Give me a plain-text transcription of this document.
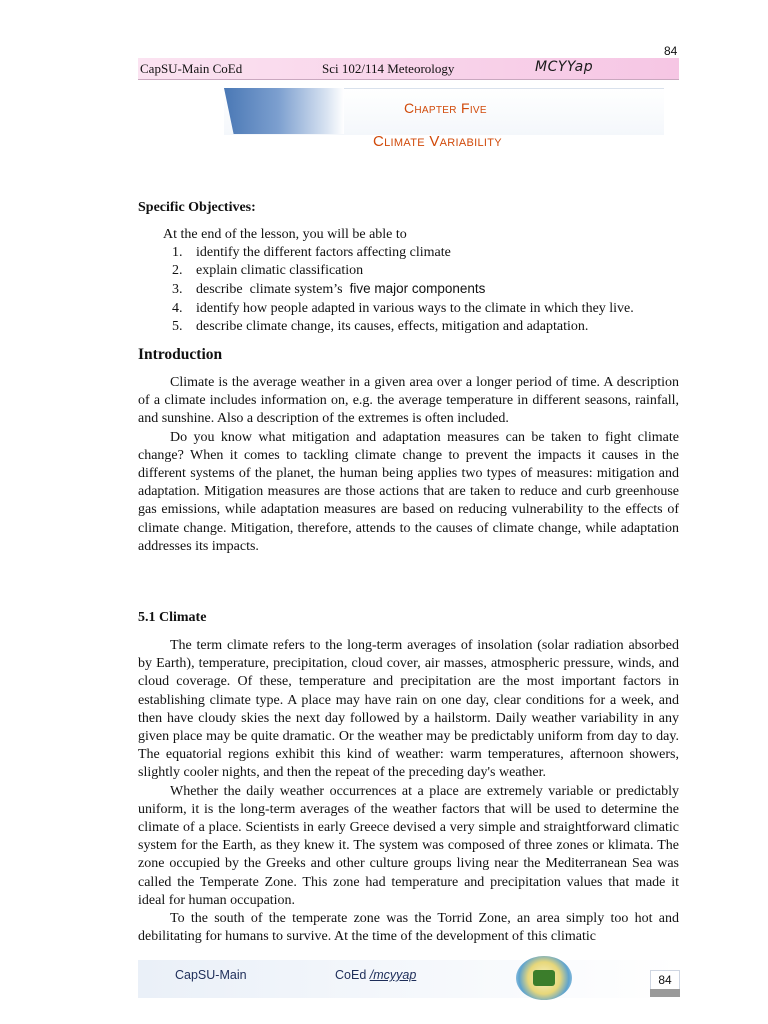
84
CapSU-Main CoEd	Sci 102/114 Meteorology	MCYYap
Chapter Five
Climate Variability
Specific Objectives:
At the end of the lesson, you will be able to
1. identify the different factors affecting climate
2. explain climatic classification
3. describe  climate system’s  five major components
4. identify how people adapted in various ways to the climate in which they live.
5. describe climate change, its causes, effects, mitigation and adaptation.
Introduction

Climate is the average weather in a given area over a longer period of time. A description of a climate includes information on, e.g. the average temperature in different seasons, rainfall, and sunshine. Also a description of the extremes is often included.

Do you know what mitigation and adaptation measures can be taken to fight climate change? When it comes to tackling climate change to prevent the impacts it causes in the different systems of the planet, the human being applies two types of measures: mitigation and adaptation. Mitigation measures are those actions that are taken to reduce and curb greenhouse gas emissions, while adaptation measures are based on reducing vulnerability to the effects of climate change. Mitigation, therefore, attends to the causes of climate change, while adaptation addresses its impacts.

5.1 Climate

The term climate refers to the long-term averages of insolation (solar radiation absorbed by Earth), temperature, precipitation, cloud cover, air masses, atmospheric pressure, winds, and cloud coverage. Of these, temperature and precipitation are the most important factors in establishing climate type. A place may have rain on one day, clear conditions for a week, and then have cloudy skies the next day followed by a hailstorm. Daily weather variability in any given place may be quite dramatic. Or the weather may be predictably uniform from day to day. The equatorial regions exhibit this kind of weather: warm temperatures, afternoon showers, slightly cooler nights, and then the repeat of the preceding day's weather.

Whether the daily weather occurrences at a place are extremely variable or predictably uniform, it is the long-term averages of the weather factors that will be used to determine the climate of a place. Scientists in early Greece devised a very simple and straightforward climatic system for the Earth, as they knew it. The system was composed of three zones or klimata. The zone occupied by the Greeks and other culture groups living near the Mediterranean Sea was called the Temperate Zone. This zone had temperature and precipitation values that made it ideal for human occupation.

To the south of the temperate zone was the Torrid Zone, an area simply too hot and debilitating for humans to survive. At the time of the development of this climatic

CapSU-Main	CoEd /mcyyap	84
